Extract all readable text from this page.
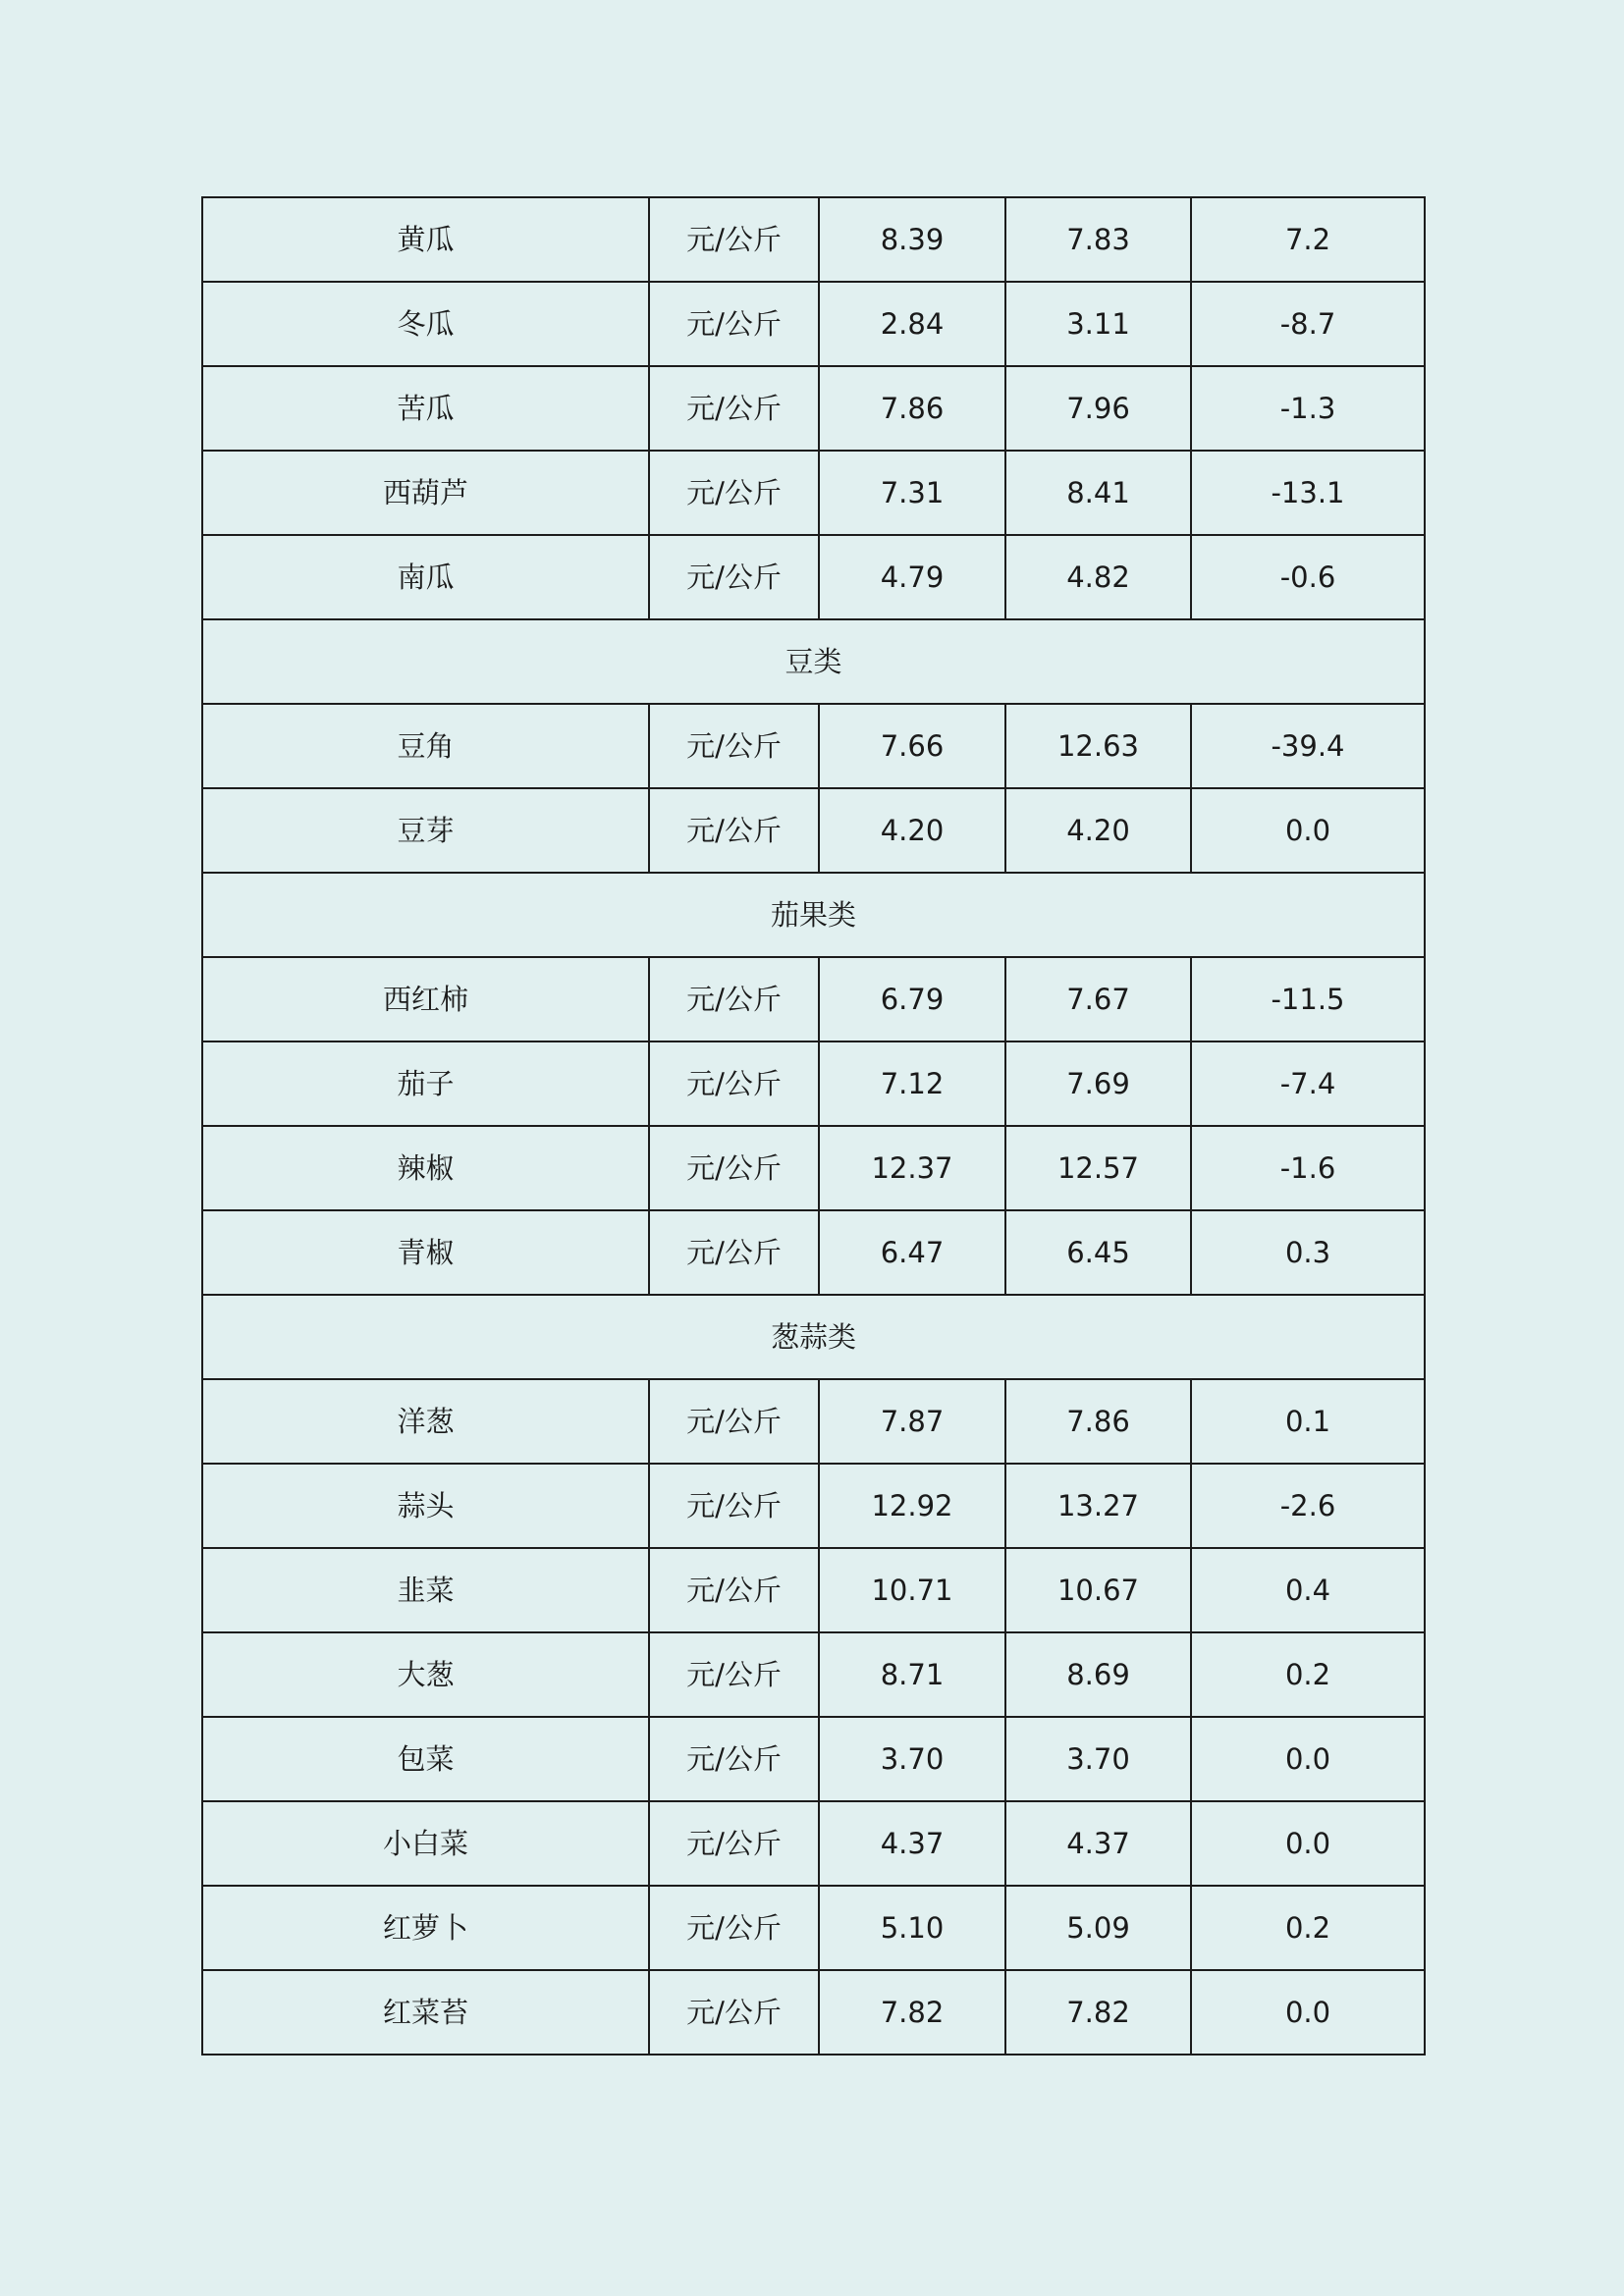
黄瓜	元/公斤	8.39	7.83	7.2
冬瓜	元/公斤	2.84	3.11	-8.7
苦瓜	元/公斤	7.86	7.96	-1.3
西葫芦	元/公斤	7.31	8.41	-13.1
南瓜	元/公斤	4.79	4.82	-0.6
豆类				
豆角	元/公斤	7.66	12.63	-39.4
豆芽	元/公斤	4.20	4.20	0.0
茄果类				
西红柿	元/公斤	6.79	7.67	-11.5
茄子	元/公斤	7.12	7.69	-7.4
辣椒	元/公斤	12.37	12.57	-1.6
青椒	元/公斤	6.47	6.45	0.3
葱蒜类				
洋葱	元/公斤	7.87	7.86	0.1
蒜头	元/公斤	12.92	13.27	-2.6
韭菜	元/公斤	10.71	10.67	0.4
大葱	元/公斤	8.71	8.69	0.2
包菜	元/公斤	3.70	3.70	0.0
小白菜	元/公斤	4.37	4.37	0.0
红萝卜	元/公斤	5.10	5.09	0.2
红菜苔	元/公斤	7.82	7.82	0.0
